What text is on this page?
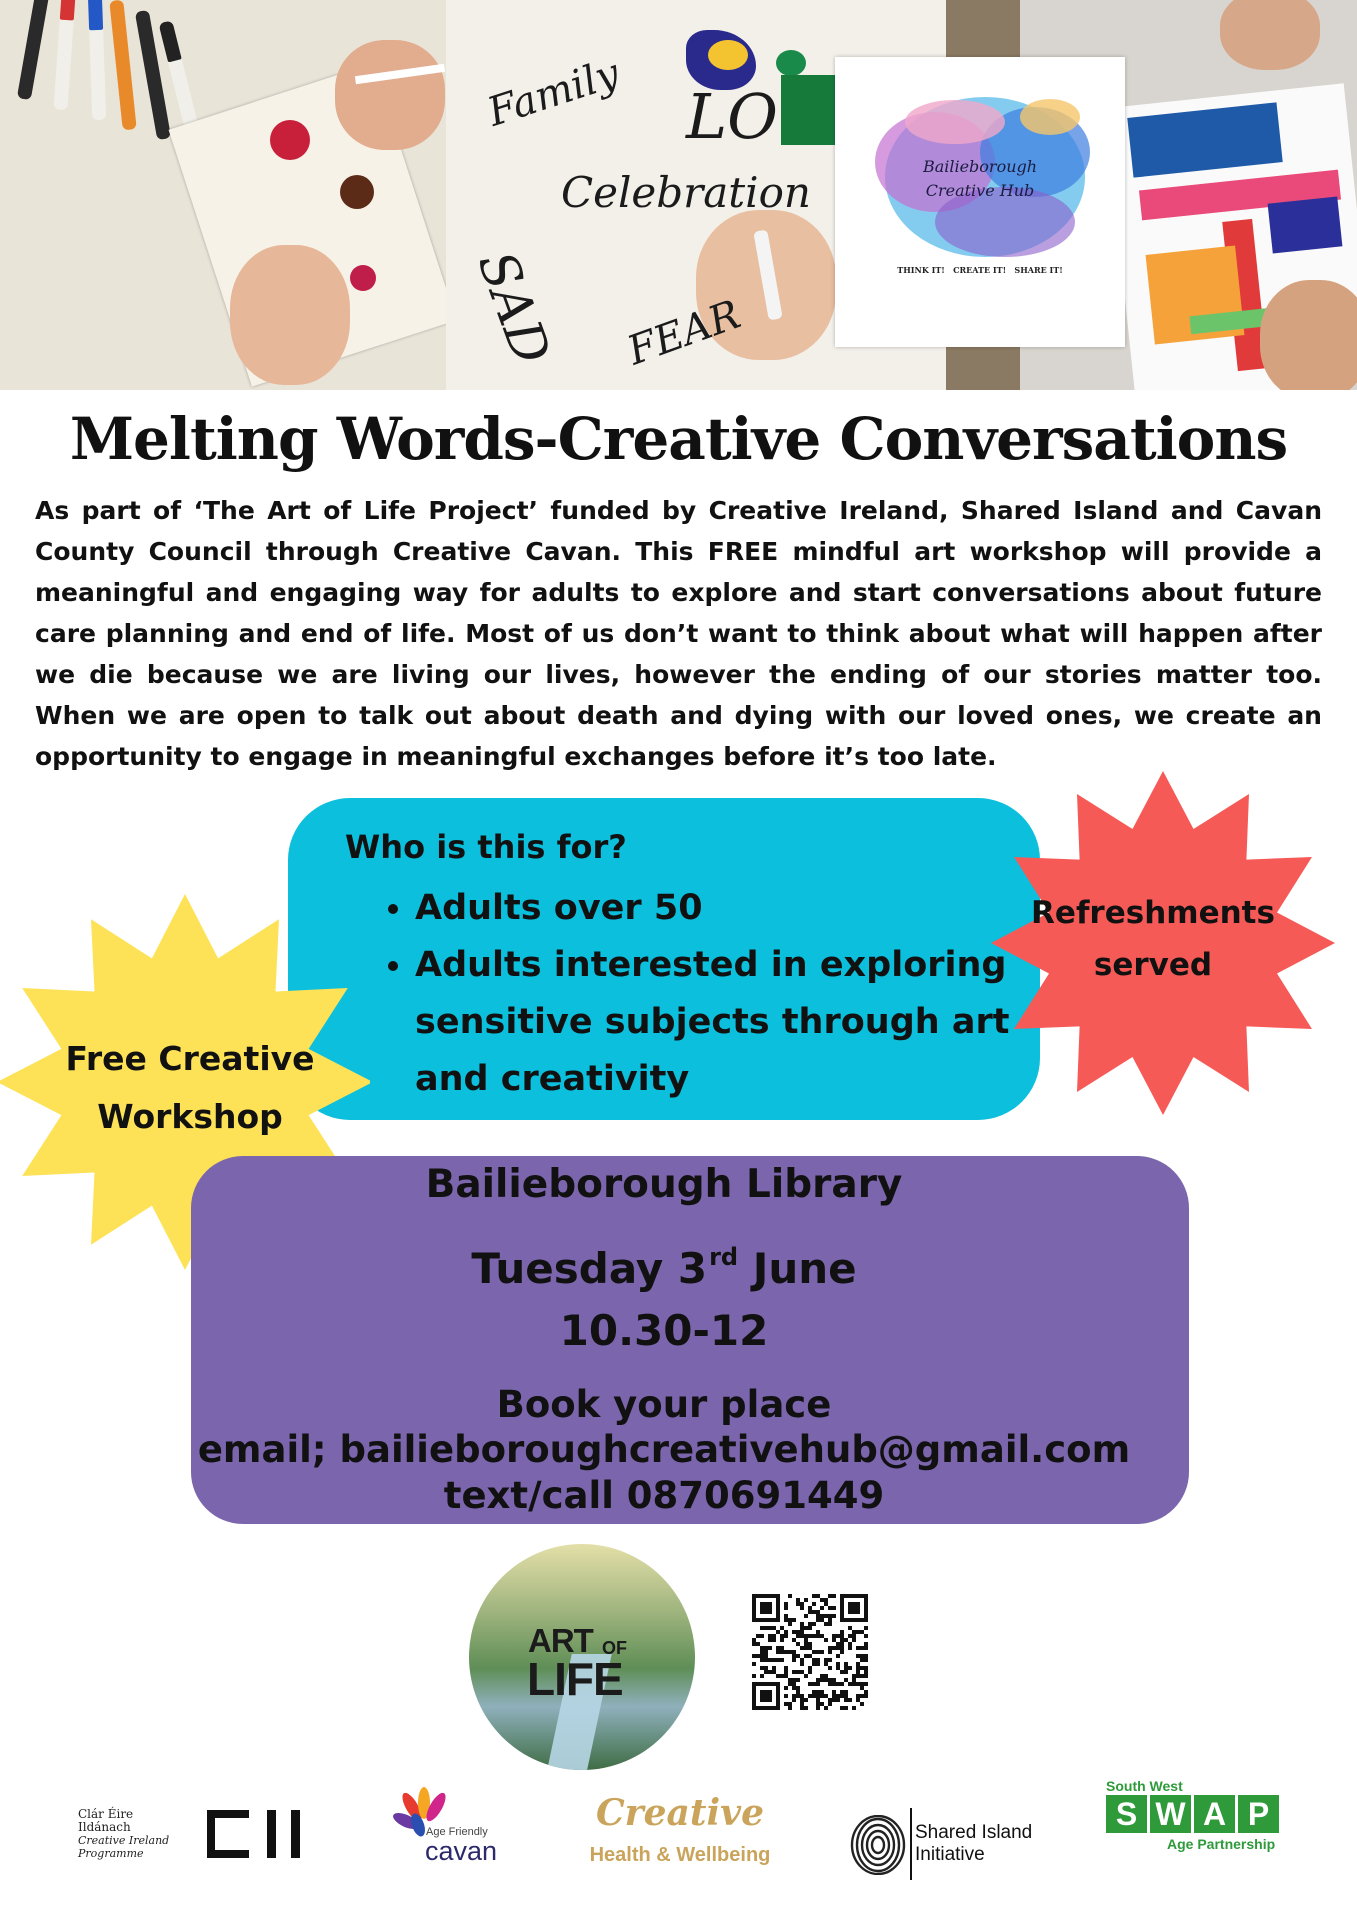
Family
Celebration
SAD FEAR
LO
Bailieborough
Creative Hub
THINK IT!   CREATE IT!   SHARE IT!
Melting Words-Creative Conversations

As part of ‘The Art of Life Project’ funded by Creative Ireland, Shared Island and Cavan County Council through Creative Cavan. This FREE mindful art workshop will provide a meaningful and engaging way for adults to explore and start conversations about future care planning and end of life. Most of us don’t want to think about what will happen after we die because we are living our lives, however the ending of our stories matter too. When we are open to talk out about death and dying with our loved ones, we create an opportunity to engage in meaningful exchanges before it’s too late.

Who is this for?
• Adults over 50
• Adults interested in exploring sensitive subjects through art and creativity
Free Creative
Workshop
Refreshments
served
Bailieborough Library
Tuesday 3rd June
10.30-12
Book your place
email; bailieboroughcreativehub@gmail.com
text/call 0870691449
ART OF
LIFE
Clár Éire Ildánach
Creative Ireland
Programme
Age Friendly
cavan
Creative
Health & Wellbeing
Shared Island
Initiative
South West
S W A P
Age Partnership
